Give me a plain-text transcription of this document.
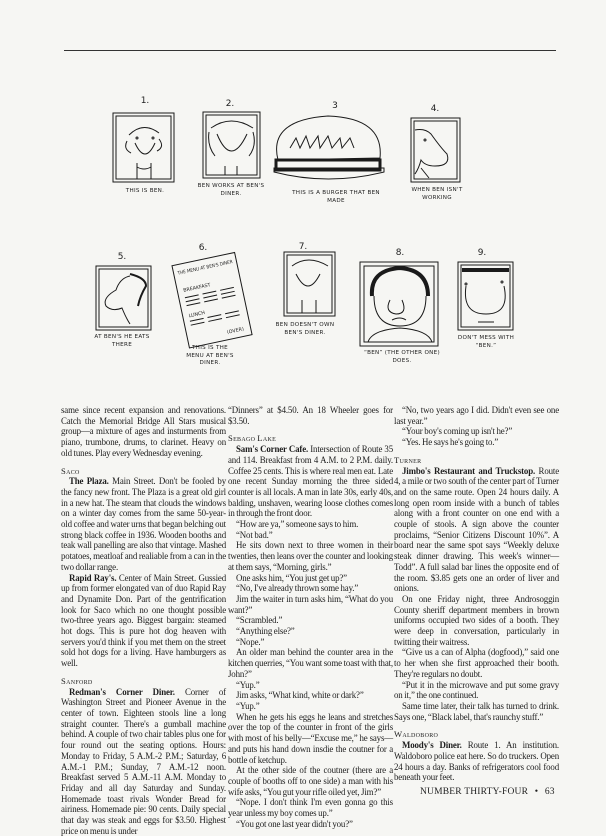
1.
THIS IS BEN.
2.
BEN WORKS AT BEN'S DINER.
3
THIS IS A BURGER THAT BEN MADE
4.
WHEN BEN ISN'T WORKING
5.
AT BEN'S HE EATS THERE
6.
THE MENU AT BEN'S DINER
BREAKFAST
LUNCH
(OVER)
THIS IS THE MENU AT BEN'S DINER.
7.
BEN DOESN'T OWN BEN'S DINER.
8.
“BEN” (THE OTHER ONE) DOES.
9.
DON'T MESS WITH “BEN.”

same since recent expansion and renovations. Catch the Memorial Bridge All Stars musical group—a mixture of ages and insturments from piano, trumbone, drums, to clarinet. Heavy on old tunes. Play every Wednesday evening.

Saco

The Plaza. Main Street. Don't be fooled by the fancy new front. The Plaza is a great old girl in a new hat. The steam that clouds the windows on a winter day comes from the same 50-year-old coffee and water urns that began belching out strong black coffee in 1936. Wooden booths and teak wall panelling are also that vintage. Mashed potatoes, meatloaf and realiable from a can in the two dollar range.

Rapid Ray's. Center of Main Street. Gussied up from former elongated van of duo Rapid Ray and Dynamite Don. Part of the gentrification look for Saco which no one thought possible two-three years ago. Biggest bargain: steamed hot dogs. This is pure hot dog heaven with servers you'd think if you met them on the street sold hot dogs for a living. Have hamburgers as well.

Sanford

Redman's Corner Diner. Corner of Washington Street and Pioneer Avenue in the center of town. Eighteen stools line a long straight counter. There's a gumball machine behind. A couple of two chair tables plus one for four round out the seating options. Hours: Monday to Friday, 5 A.M.-2 P.M.; Saturday, 6 A.M.-1 P.M.; Sunday, 7 A.M.-12 noon. Breakfast served 5 A.M.-11 A.M. Monday to Friday and all day Saturday and Sunday. Homemade toast rivals Wonder Bread for airiness. Homemade pie: 90 cents. Daily special that day was steak and eggs for $3.50. Highest price on menu is under

“Dinners” at $4.50. An 18 Wheeler goes for $3.50.

Sebago Lake

Sam's Corner Cafe. Intersection of Route 35 and 114. Breakfast from 4 A.M. to 2 P.M. daily. Coffee 25 cents. This is where real men eat. Late one recent Sunday morning the three sided counter is all locals. A man in late 30s, early 40s, balding, unshaven, wearing loose clothes comes in through the front door.

“How are ya,” someone says to him.

“Not bad.”

He sits down next to three women in their twenties, then leans over the counter and looking at them says, “Morning, girls.”

One asks him, “You just get up?”

“No, I've already thrown some hay.”

Jim the waiter in turn asks him, “What do you want?”

“Scrambled.”

“Anything else?”

“Nope.”

An older man behind the counter area in the kitchen querries, “You want some toast with that, John?”

“Yup.”

Jim asks, “What kind, white or dark?”

“Yup.”

When he gets his eggs he leans and stretches over the top of the counter in front of the girls with most of his belly—“Excuse me,” he says—and puts his hand down insdie the coutner for a bottle of ketchup.

At the other side of the coutner (there are a couple of booths off to one side) a man with his wife asks, “You gut your rifle oiled yet, Jim?”

“Nope. I don't think I'm even gonna go this year unless my boy comes up.”

“You got one last year didn't you?”

“No, two years ago I did. Didn't even see one last year.”

“Your boy's coming up isn't he?”

“Yes. He says he's going to.”

Turner

Jimbo's Restaurant and Truckstop. Route 4, a mile or two south of the center part of Turner and on the same route. Open 24 hours daily. A long open room inside with a bunch of tables along with a front counter on one end with a couple of stools. A sign above the counter proclaims, “Senior Citizens Discount 10%”. A board near the same spot says “Weekly deluxe steak dinner drawing. This week's winner—Todd”. A full salad bar lines the opposite end of the room. $3.85 gets one an order of liver and onions.

On one Friday night, three Androsoggin County sheriff department members in brown uniforms occupied two sides of a booth. They were deep in conversation, particularly in twitting their waitress.

“Give us a can of Alpha (dogfood),” said one to her when she first approached their booth. They're regulars no doubt.

“Put it in the microwave and put some gravy on it,” the one continued.

Same time later, their talk has turned to drink. Says one, “Black label, that's raunchy stuff.”

Waldoboro

Moody's Diner. Route 1. An institution. Waldoboro police eat here. So do truckers. Open 24 hours a day. Banks of refrigerators cool food beneath your feet.

NUMBER THIRTY-FOUR • 63
